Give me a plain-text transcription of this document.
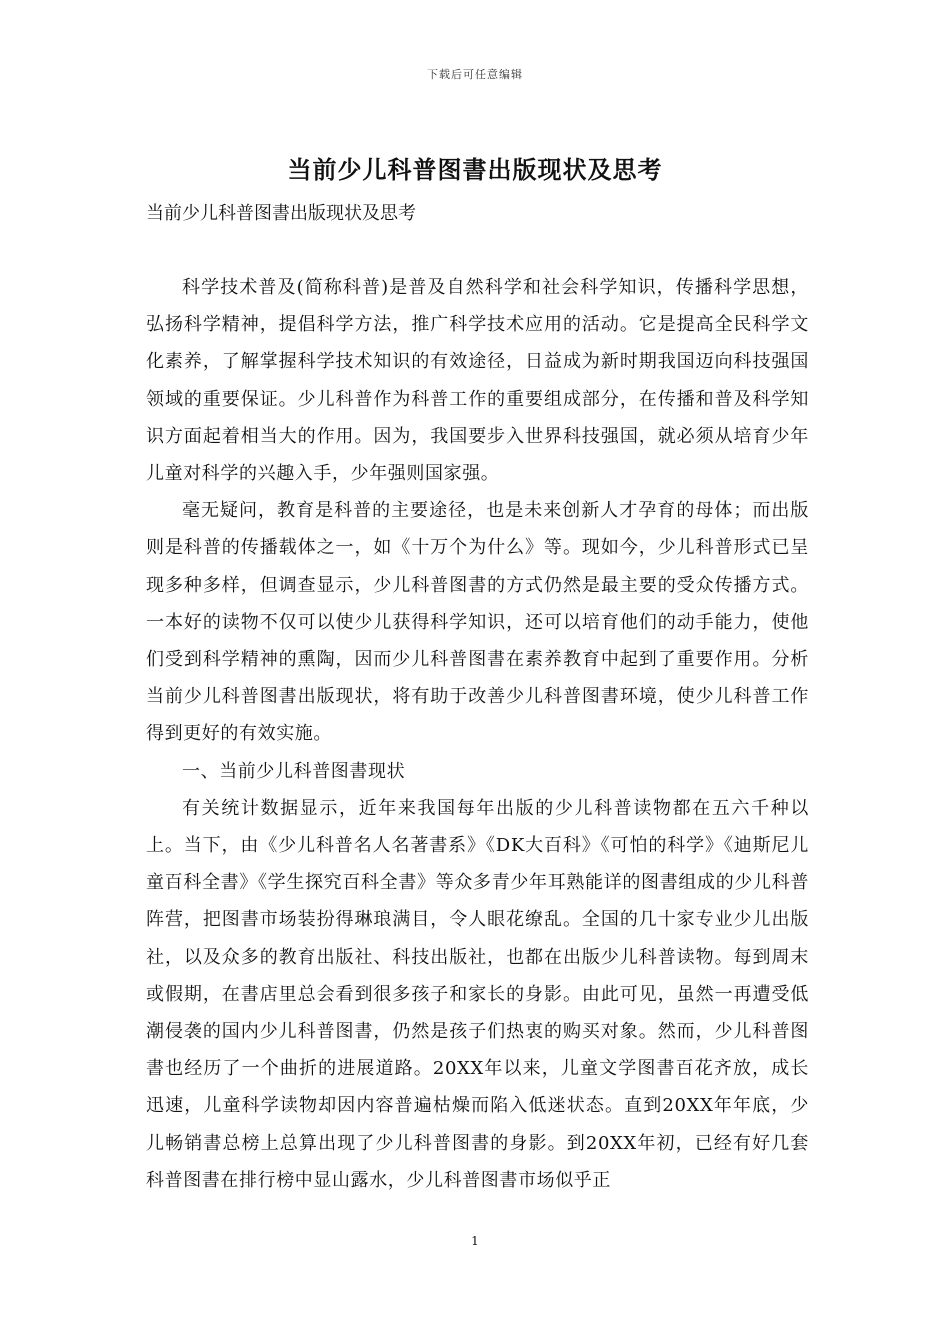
下载后可任意编辑
当前少儿科普图書出版现状及思考
当前少儿科普图書出版现状及思考

科学技术普及(简称科普)是普及自然科学和社会科学知识，传播科学思想，弘扬科学精神，提倡科学方法，推广科学技术应用的活动。它是提高全民科学文化素养，了解掌握科学技术知识的有效途径，日益成为新时期我国迈向科技强国领域的重要保证。少儿科普作为科普工作的重要组成部分，在传播和普及科学知识方面起着相当大的作用。因为，我国要步入世界科技强国，就必须从培育少年儿童对科学的兴趣入手，少年强则国家强。

毫无疑问，教育是科普的主要途径，也是未来创新人才孕育的母体；而出版则是科普的传播载体之一，如《十万个为什么》等。现如今，少儿科普形式已呈现多种多样，但调查显示，少儿科普图書的方式仍然是最主要的受众传播方式。一本好的读物不仅可以使少儿获得科学知识，还可以培育他们的动手能力，使他们受到科学精神的熏陶，因而少儿科普图書在素养教育中起到了重要作用。分析当前少儿科普图書出版现状，将有助于改善少儿科普图書环境，使少儿科普工作得到更好的有效实施。

一、当前少儿科普图書现状

有关统计数据显示，近年来我国每年出版的少儿科普读物都在五六千种以上。当下，由《少儿科普名人名著書系》《DK大百科》《可怕的科学》《迪斯尼儿童百科全書》《学生探究百科全書》等众多青少年耳熟能详的图書组成的少儿科普阵营，把图書市场装扮得琳琅满目，令人眼花缭乱。全国的几十家专业少儿出版社，以及众多的教育出版社、科技出版社，也都在出版少儿科普读物。每到周末或假期，在書店里总会看到很多孩子和家长的身影。由此可见，虽然一再遭受低潮侵袭的国内少儿科普图書，仍然是孩子们热衷的购买对象。然而，少儿科普图書也经历了一个曲折的进展道路。20XX年以来，儿童文学图書百花齐放，成长迅速，儿童科学读物却因内容普遍枯燥而陷入低迷状态。直到20XX年年底，少儿畅销書总榜上总算出现了少儿科普图書的身影。到20XX年初，已经有好几套科普图書在排行榜中显山露水，少儿科普图書市场似乎正

1
